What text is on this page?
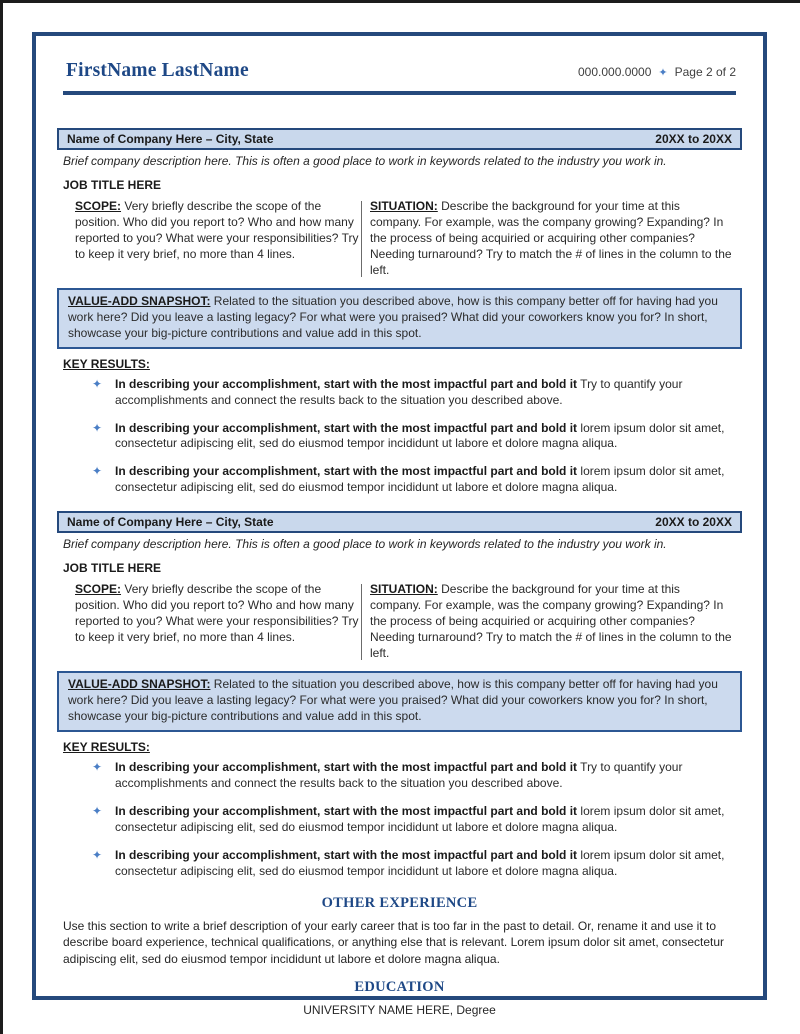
FirstName LastName	000.000.0000 ✦ Page 2 of 2
Name of Company Here – City, State	20XX to 20XX
Brief company description here. This is often a good place to work in keywords related to the industry you work in.
JOB TITLE HERE
SCOPE: Very briefly describe the scope of the position. Who did you report to? Who and how many reported to you? What were your responsibilities? Try to keep it very brief, no more than 4 lines.
SITUATION: Describe the background for your time at this company. For example, was the company growing? Expanding? In the process of being acquiried or acquiring other companies? Needing turnaround? Try to match the # of lines in the column to the left.
VALUE-ADD SNAPSHOT: Related to the situation you described above, how is this company better off for having had you work here? Did you leave a lasting legacy? For what were you praised? What did your coworkers know you for? In short, showcase your big-picture contributions and value add in this spot.
KEY RESULTS:
✦ In describing your accomplishment, start with the most impactful part and bold it Try to quantify your accomplishments and connect the results back to the situation you described above.
✦ In describing your accomplishment, start with the most impactful part and bold it lorem ipsum dolor sit amet, consectetur adipiscing elit, sed do eiusmod tempor incididunt ut labore et dolore magna aliqua.
✦ In describing your accomplishment, start with the most impactful part and bold it lorem ipsum dolor sit amet, consectetur adipiscing elit, sed do eiusmod tempor incididunt ut labore et dolore magna aliqua.
Name of Company Here – City, State	20XX to 20XX
Brief company description here. This is often a good place to work in keywords related to the industry you work in.
JOB TITLE HERE
SCOPE: Very briefly describe the scope of the position. Who did you report to? Who and how many reported to you? What were your responsibilities? Try to keep it very brief, no more than 4 lines.
SITUATION: Describe the background for your time at this company. For example, was the company growing? Expanding? In the process of being acquiried or acquiring other companies? Needing turnaround? Try to match the # of lines in the column to the left.
VALUE-ADD SNAPSHOT: Related to the situation you described above, how is this company better off for having had you work here? Did you leave a lasting legacy? For what were you praised? What did your coworkers know you for? In short, showcase your big-picture contributions and value add in this spot.
KEY RESULTS:
✦ In describing your accomplishment, start with the most impactful part and bold it Try to quantify your accomplishments and connect the results back to the situation you described above.
✦ In describing your accomplishment, start with the most impactful part and bold it lorem ipsum dolor sit amet, consectetur adipiscing elit, sed do eiusmod tempor incididunt ut labore et dolore magna aliqua.
✦ In describing your accomplishment, start with the most impactful part and bold it lorem ipsum dolor sit amet, consectetur adipiscing elit, sed do eiusmod tempor incididunt ut labore et dolore magna aliqua.
OTHER EXPERIENCE
Use this section to write a brief description of your early career that is too far in the past to detail. Or, rename it and use it to describe board experience, technical qualifications, or anything else that is relevant. Lorem ipsum dolor sit amet, consectetur adipiscing elit, sed do eiusmod tempor incididunt ut labore et dolore magna aliqua.
EDUCATION
UNIVERSITY NAME HERE, Degree
